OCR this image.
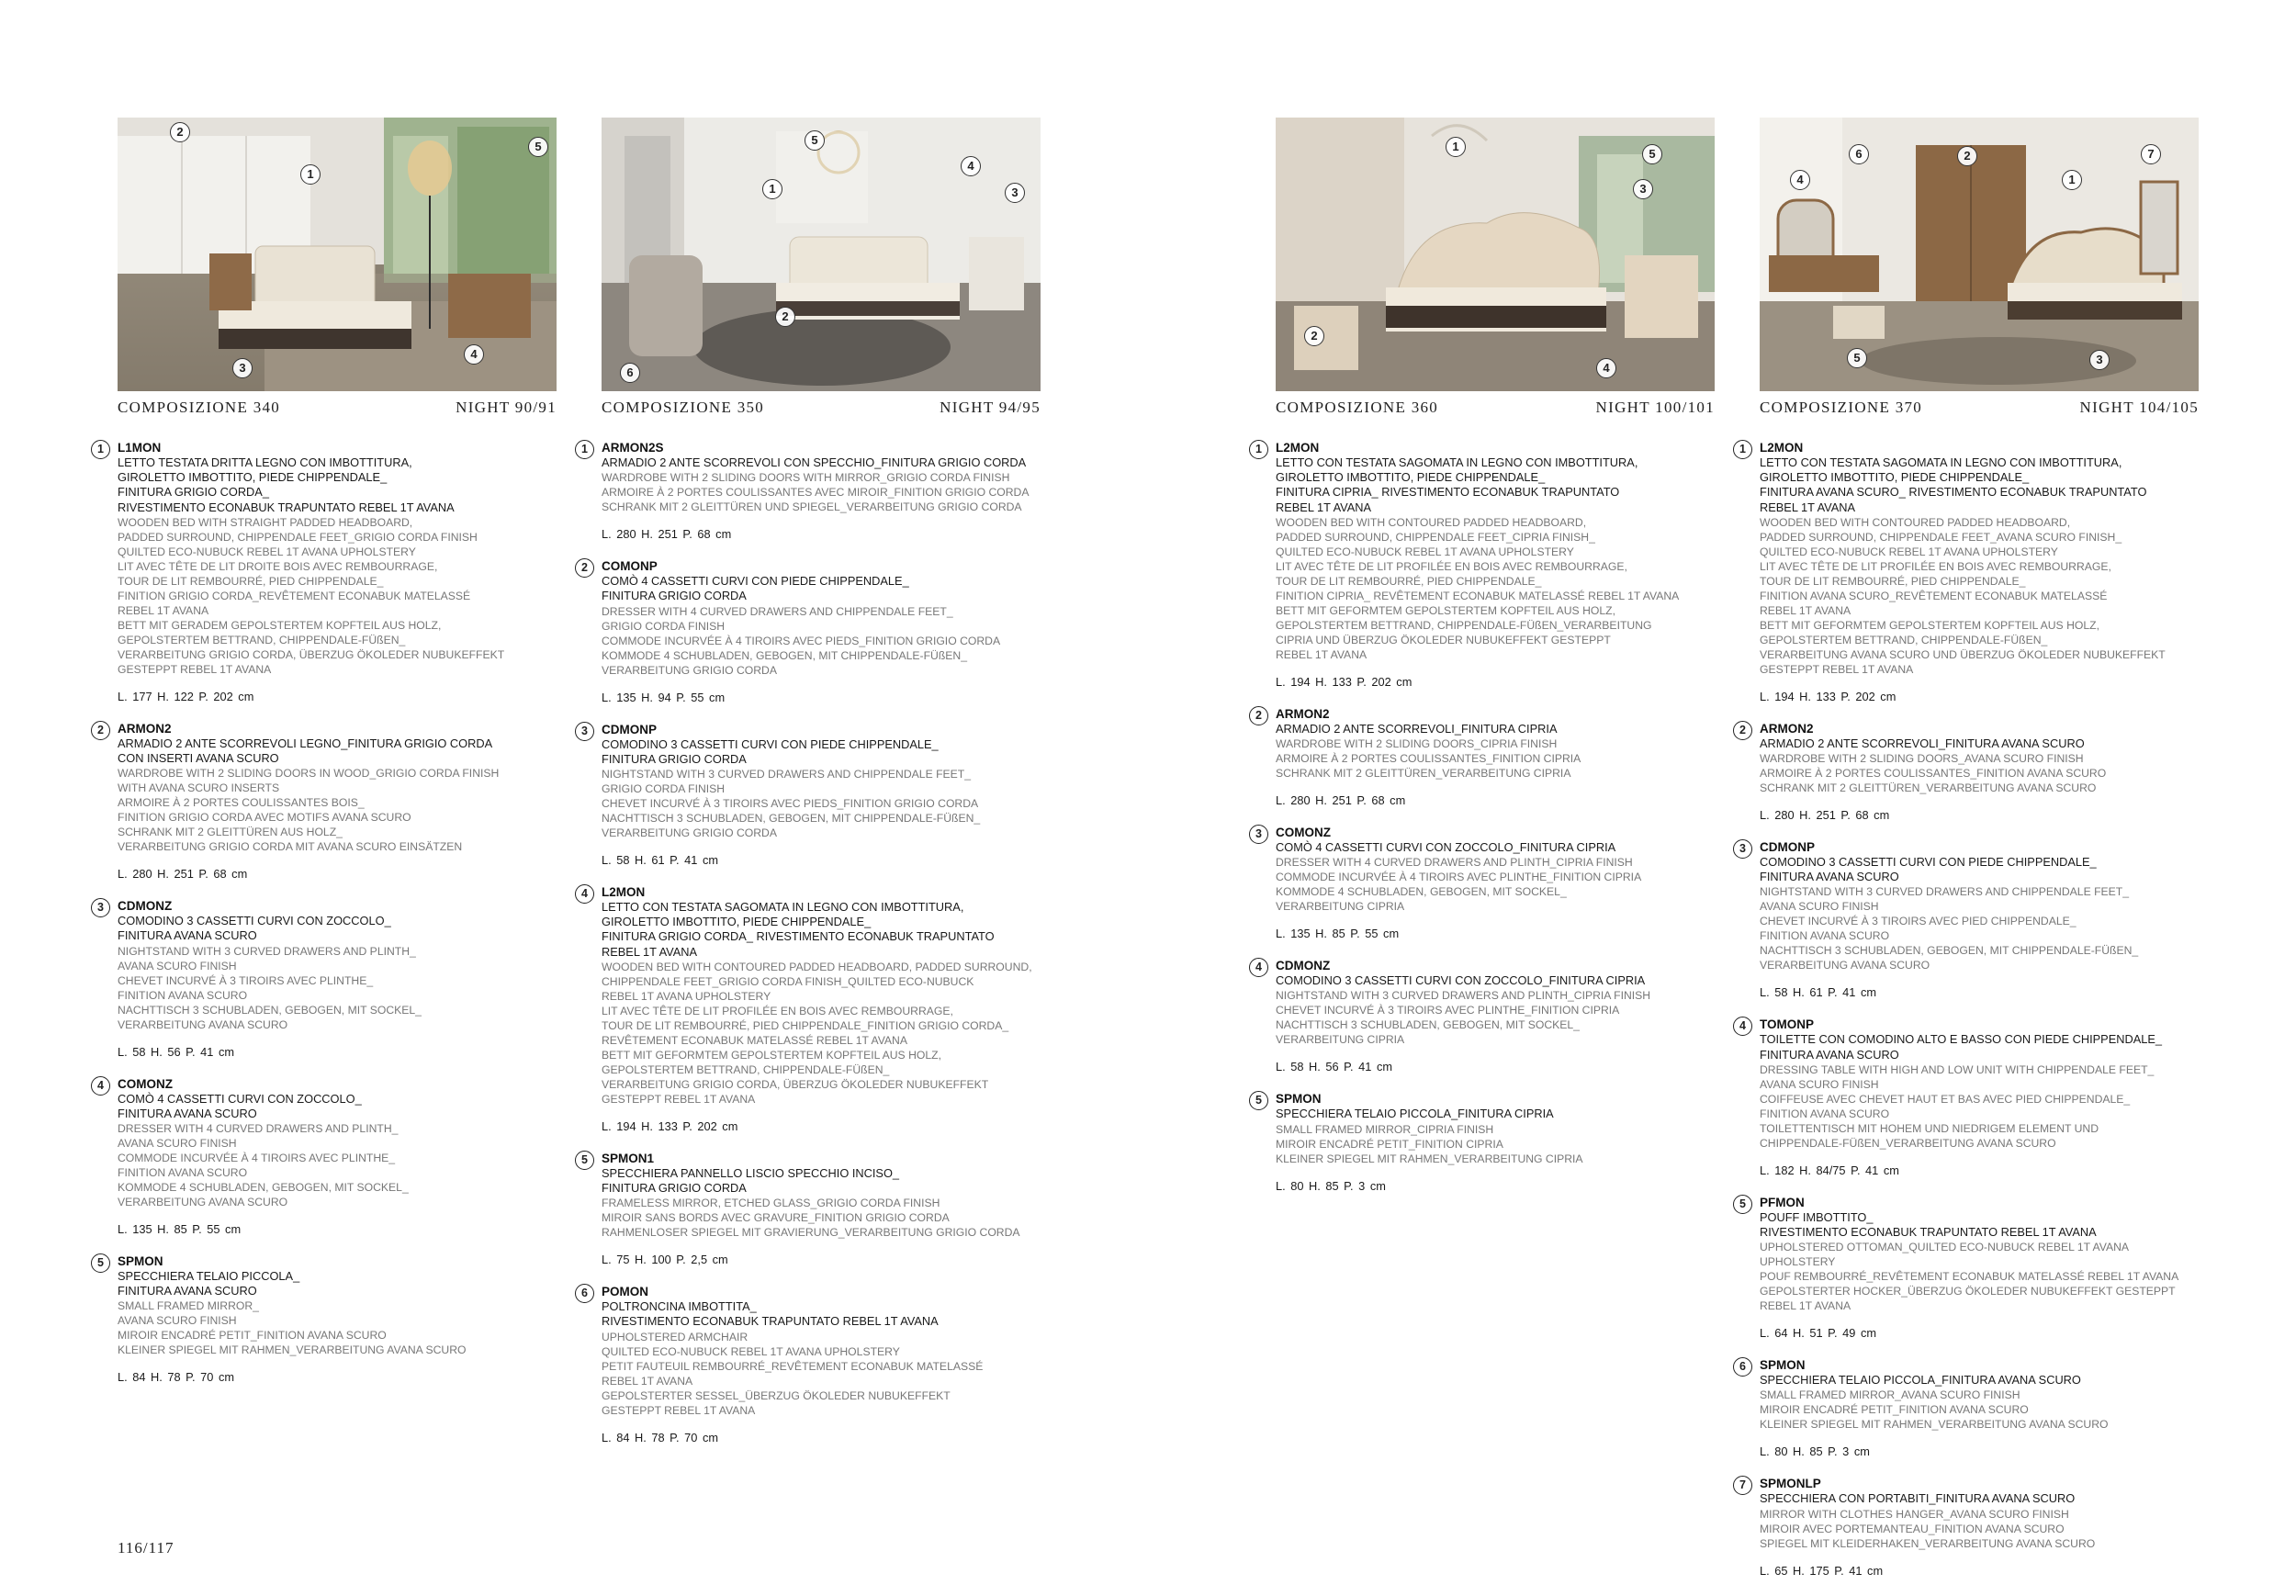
2
1
5
3
4
COMPOSIZIONE 340	NIGHT 90/91
1	L1MON
LETTO TESTATA DRITTA LEGNO CON IMBOTTITURA,
GIROLETTO IMBOTTITO, PIEDE CHIPPENDALE_
FINITURA GRIGIO CORDA_
RIVESTIMENTO ECONABUK TRAPUNTATO REBEL 1T AVANA
WOODEN BED WITH STRAIGHT PADDED HEADBOARD,
PADDED SURROUND, CHIPPENDALE FEET_GRIGIO CORDA FINISH
QUILTED ECO-NUBUCK REBEL 1T AVANA UPHOLSTERY
LIT AVEC TÊTE DE LIT DROITE BOIS AVEC REMBOURRAGE,
TOUR DE LIT REMBOURRÉ, PIED CHIPPENDALE_
FINITION GRIGIO CORDA_REVÊTEMENT ECONABUK MATELASSÉ
REBEL 1T AVANA
BETT MIT GERADEM GEPOLSTERTEM KOPFTEIL AUS HOLZ,
GEPOLSTERTEM BETTRAND, CHIPPENDALE-FÜßEN_
VERARBEITUNG GRIGIO CORDA, ÜBERZUG ÖKOLEDER NUBUKEFFEKT
GESTEPPT REBEL 1T AVANA
L. 177 H. 122 P. 202 cm
2	ARMON2
ARMADIO 2 ANTE SCORREVOLI LEGNO_FINITURA GRIGIO CORDA
CON INSERTI AVANA SCURO
WARDROBE WITH 2 SLIDING DOORS IN WOOD_GRIGIO CORDA FINISH
WITH AVANA SCURO INSERTS
ARMOIRE À 2 PORTES COULISSANTES BOIS_
FINITION GRIGIO CORDA AVEC MOTIFS AVANA SCURO
SCHRANK MIT 2 GLEITTÜREN AUS HOLZ_
VERARBEITUNG GRIGIO CORDA MIT AVANA SCURO EINSÄTZEN
L. 280 H. 251 P. 68 cm
3	CDMONZ
COMODINO 3 CASSETTI CURVI CON ZOCCOLO_
FINITURA AVANA SCURO
NIGHTSTAND WITH 3 CURVED DRAWERS AND PLINTH_
AVANA SCURO FINISH
CHEVET INCURVÉ À 3 TIROIRS AVEC PLINTHE_
FINITION AVANA SCURO
NACHTTISCH 3 SCHUBLADEN, GEBOGEN, MIT SOCKEL_
VERARBEITUNG AVANA SCURO
L. 58 H. 56 P. 41 cm
4	COMONZ
COMÒ 4 CASSETTI CURVI CON ZOCCOLO_
FINITURA AVANA SCURO
DRESSER WITH 4 CURVED DRAWERS AND PLINTH_
AVANA SCURO FINISH
COMMODE INCURVÉE À 4 TIROIRS AVEC PLINTHE_
FINITION AVANA SCURO
KOMMODE 4 SCHUBLADEN, GEBOGEN, MIT SOCKEL_
VERARBEITUNG AVANA SCURO
L. 135 H. 85 P. 55 cm
5	SPMON
SPECCHIERA TELAIO PICCOLA_
FINITURA AVANA SCURO
SMALL FRAMED MIRROR_
AVANA SCURO FINISH
MIROIR ENCADRÉ PETIT_FINITION AVANA SCURO
KLEINER SPIEGEL MIT RAHMEN_VERARBEITUNG AVANA SCURO
L. 84 H. 78 P. 70 cm
5
4
1	3
2
6
COMPOSIZIONE 350	NIGHT 94/95
1	ARMON2S
ARMADIO 2 ANTE SCORREVOLI CON SPECCHIO_FINITURA GRIGIO CORDA
WARDROBE WITH 2 SLIDING DOORS WITH MIRROR_GRIGIO CORDA FINISH
ARMOIRE À 2 PORTES COULISSANTES AVEC MIROIR_FINITION GRIGIO CORDA
SCHRANK MIT 2 GLEITTÜREN UND SPIEGEL_VERARBEITUNG GRIGIO CORDA
L. 280 H. 251 P. 68 cm
2	COMONP
COMÒ 4 CASSETTI CURVI CON PIEDE CHIPPENDALE_
FINITURA GRIGIO CORDA
DRESSER WITH 4 CURVED DRAWERS AND CHIPPENDALE FEET_
GRIGIO CORDA FINISH
COMMODE INCURVÉE À 4 TIROIRS AVEC PIEDS_FINITION GRIGIO CORDA
KOMMODE 4 SCHUBLADEN, GEBOGEN, MIT CHIPPENDALE-FÜßEN_
VERARBEITUNG GRIGIO CORDA
L. 135 H. 94 P. 55 cm
3	CDMONP
COMODINO 3 CASSETTI CURVI CON PIEDE CHIPPENDALE_
FINITURA GRIGIO CORDA
NIGHTSTAND WITH 3 CURVED DRAWERS AND CHIPPENDALE FEET_
GRIGIO CORDA FINISH
CHEVET INCURVÉ À 3 TIROIRS AVEC PIEDS_FINITION GRIGIO CORDA
NACHTTISCH 3 SCHUBLADEN, GEBOGEN, MIT CHIPPENDALE-FÜßEN_
VERARBEITUNG GRIGIO CORDA
L. 58 H. 61 P. 41 cm
4	L2MON
LETTO CON TESTATA SAGOMATA IN LEGNO CON IMBOTTITURA,
GIROLETTO IMBOTTITO, PIEDE CHIPPENDALE_
FINITURA GRIGIO CORDA_ RIVESTIMENTO ECONABUK TRAPUNTATO
REBEL 1T AVANA
WOODEN BED WITH CONTOURED PADDED HEADBOARD, PADDED SURROUND,
CHIPPENDALE FEET_GRIGIO CORDA FINISH_QUILTED ECO-NUBUCK
REBEL 1T AVANA UPHOLSTERY
LIT AVEC TÊTE DE LIT PROFILÉE EN BOIS AVEC REMBOURRAGE,
TOUR DE LIT REMBOURRÉ, PIED CHIPPENDALE_FINITION GRIGIO CORDA_
REVÊTEMENT ECONABUK MATELASSÉ REBEL 1T AVANA
BETT MIT GEFORMTEM GEPOLSTERTEM KOPFTEIL AUS HOLZ,
GEPOLSTERTEM BETTRAND, CHIPPENDALE-FÜßEN_
VERARBEITUNG GRIGIO CORDA, ÜBERZUG ÖKOLEDER NUBUKEFFEKT
GESTEPPT REBEL 1T AVANA
L. 194 H. 133 P. 202 cm
5	SPMON1
SPECCHIERA PANNELLO LISCIO SPECCHIO INCISO_
FINITURA GRIGIO CORDA
FRAMELESS MIRROR, ETCHED GLASS_GRIGIO CORDA FINISH
MIROIR SANS BORDS AVEC GRAVURE_FINITION GRIGIO CORDA
RAHMENLOSER SPIEGEL MIT GRAVIERUNG_VERARBEITUNG GRIGIO CORDA
L. 75 H. 100 P. 2,5 cm
6	POMON
POLTRONCINA IMBOTTITA_
RIVESTIMENTO ECONABUK TRAPUNTATO REBEL 1T AVANA
UPHOLSTERED ARMCHAIR
QUILTED ECO-NUBUCK REBEL 1T AVANA UPHOLSTERY
PETIT FAUTEUIL REMBOURRÉ_REVÊTEMENT ECONABUK MATELASSÉ
REBEL 1T AVANA
GEPOLSTERTER SESSEL_ÜBERZUG ÖKOLEDER NUBUKEFFEKT
GESTEPPT REBEL 1T AVANA
L. 84 H. 78 P. 70 cm
1
5
3
2
4
COMPOSIZIONE 360	NIGHT 100/101
1	L2MON
LETTO CON TESTATA SAGOMATA IN LEGNO CON IMBOTTITURA,
GIROLETTO IMBOTTITO, PIEDE CHIPPENDALE_
FINITURA CIPRIA_ RIVESTIMENTO ECONABUK TRAPUNTATO
REBEL 1T AVANA
WOODEN BED WITH CONTOURED PADDED HEADBOARD,
PADDED SURROUND, CHIPPENDALE FEET_CIPRIA FINISH_
QUILTED ECO-NUBUCK REBEL 1T AVANA UPHOLSTERY
LIT AVEC TÊTE DE LIT PROFILÉE EN BOIS AVEC REMBOURRAGE,
TOUR DE LIT REMBOURRÉ, PIED CHIPPENDALE_
FINITION CIPRIA_ REVÊTEMENT ECONABUK MATELASSÉ REBEL 1T AVANA
BETT MIT GEFORMTEM GEPOLSTERTEM KOPFTEIL AUS HOLZ,
GEPOLSTERTEM BETTRAND, CHIPPENDALE-FÜßEN_VERARBEITUNG
CIPRIA UND ÜBERZUG ÖKOLEDER NUBUKEFFEKT GESTEPPT
REBEL 1T AVANA
L. 194 H. 133 P. 202 cm
2	ARMON2
ARMADIO 2 ANTE SCORREVOLI_FINITURA CIPRIA
WARDROBE WITH 2 SLIDING DOORS_CIPRIA FINISH
ARMOIRE À 2 PORTES COULISSANTES_FINITION CIPRIA
SCHRANK MIT 2 GLEITTÜREN_VERARBEITUNG CIPRIA
L. 280 H. 251 P. 68 cm
3	COMONZ
COMÒ 4 CASSETTI CURVI CON ZOCCOLO_FINITURA CIPRIA
DRESSER WITH 4 CURVED DRAWERS AND PLINTH_CIPRIA FINISH
COMMODE INCURVÉE À 4 TIROIRS AVEC PLINTHE_FINITION CIPRIA
KOMMODE 4 SCHUBLADEN, GEBOGEN, MIT SOCKEL_
VERARBEITUNG CIPRIA
L. 135 H. 85 P. 55 cm
4	CDMONZ
COMODINO 3 CASSETTI CURVI CON ZOCCOLO_FINITURA CIPRIA
NIGHTSTAND WITH 3 CURVED DRAWERS AND PLINTH_CIPRIA FINISH
CHEVET INCURVÉ À 3 TIROIRS AVEC PLINTHE_FINITION CIPRIA
NACHTTISCH 3 SCHUBLADEN, GEBOGEN, MIT SOCKEL_
VERARBEITUNG CIPRIA
L. 58 H. 56 P. 41 cm
5	SPMON
SPECCHIERA TELAIO PICCOLA_FINITURA CIPRIA
SMALL FRAMED MIRROR_CIPRIA FINISH
MIROIR ENCADRÉ PETIT_FINITION CIPRIA
KLEINER SPIEGEL MIT RAHMEN_VERARBEITUNG CIPRIA
L. 80 H. 85 P. 3 cm
6	2	7
4	1
5	3
COMPOSIZIONE 370	NIGHT 104/105
1	L2MON
LETTO CON TESTATA SAGOMATA IN LEGNO CON IMBOTTITURA,
GIROLETTO IMBOTTITO, PIEDE CHIPPENDALE_
FINITURA AVANA SCURO_ RIVESTIMENTO ECONABUK TRAPUNTATO
REBEL 1T AVANA
WOODEN BED WITH CONTOURED PADDED HEADBOARD,
PADDED SURROUND, CHIPPENDALE FEET_AVANA SCURO FINISH_
QUILTED ECO-NUBUCK REBEL 1T AVANA UPHOLSTERY
LIT AVEC TÊTE DE LIT PROFILÉE EN BOIS AVEC REMBOURRAGE,
TOUR DE LIT REMBOURRÉ, PIED CHIPPENDALE_
FINITION AVANA SCURO_REVÊTEMENT ECONABUK MATELASSÉ
REBEL 1T AVANA
BETT MIT GEFORMTEM GEPOLSTERTEM KOPFTEIL AUS HOLZ,
GEPOLSTERTEM BETTRAND, CHIPPENDALE-FÜßEN_
VERARBEITUNG AVANA SCURO UND ÜBERZUG ÖKOLEDER NUBUKEFFEKT
GESTEPPT REBEL 1T AVANA
L. 194 H. 133 P. 202 cm
2	ARMON2
ARMADIO 2 ANTE SCORREVOLI_FINITURA AVANA SCURO
WARDROBE WITH 2 SLIDING DOORS_AVANA SCURO FINISH
ARMOIRE À 2 PORTES COULISSANTES_FINITION AVANA SCURO
SCHRANK MIT 2 GLEITTÜREN_VERARBEITUNG AVANA SCURO
L. 280 H. 251 P. 68 cm
3	CDMONP
COMODINO 3 CASSETTI CURVI CON PIEDE CHIPPENDALE_
FINITURA AVANA SCURO
NIGHTSTAND WITH 3 CURVED DRAWERS AND CHIPPENDALE FEET_
AVANA SCURO FINISH
CHEVET INCURVÉ À 3 TIROIRS AVEC PIED CHIPPENDALE_
FINITION AVANA SCURO
NACHTTISCH 3 SCHUBLADEN, GEBOGEN, MIT CHIPPENDALE-FÜßEN_
VERARBEITUNG AVANA SCURO
L. 58 H. 61 P. 41 cm
4	TOMONP
TOILETTE CON COMODINO ALTO E BASSO CON PIEDE CHIPPENDALE_
FINITURA AVANA SCURO
DRESSING TABLE WITH HIGH AND LOW UNIT WITH CHIPPENDALE FEET_
AVANA SCURO FINISH
COIFFEUSE AVEC CHEVET HAUT ET BAS AVEC PIED CHIPPENDALE_
FINITION AVANA SCURO
TOILETTENTISCH MIT HOHEM UND NIEDRIGEM ELEMENT UND
CHIPPENDALE-FÜßEN_VERARBEITUNG AVANA SCURO
L. 182 H. 84/75 P. 41 cm
5	PFMON
POUFF IMBOTTITO_
RIVESTIMENTO ECONABUK TRAPUNTATO REBEL 1T AVANA
UPHOLSTERED OTTOMAN_QUILTED ECO-NUBUCK REBEL 1T AVANA UPHOLSTERY
POUF REMBOURRÉ_REVÊTEMENT ECONABUK MATELASSÉ REBEL 1T AVANA
GEPOLSTERTER HOCKER_ÜBERZUG ÖKOLEDER NUBUKEFFEKT GESTEPPT
REBEL 1T AVANA
L. 64 H. 51 P. 49 cm
6	SPMON
SPECCHIERA TELAIO PICCOLA_FINITURA AVANA SCURO
SMALL FRAMED MIRROR_AVANA SCURO FINISH
MIROIR ENCADRÉ PETIT_FINITION AVANA SCURO
KLEINER SPIEGEL MIT RAHMEN_VERARBEITUNG AVANA SCURO
L. 80 H. 85 P. 3 cm
7	SPMONLP
SPECCHIERA CON PORTABITI_FINITURA AVANA SCURO
MIRROR WITH CLOTHES HANGER_AVANA SCURO FINISH
MIROIR AVEC PORTEMANTEAU_FINITION AVANA SCURO
SPIEGEL MIT KLEIDERHAKEN_VERARBEITUNG AVANA SCURO
L. 65 H. 175 P. 41 cm
116/117
